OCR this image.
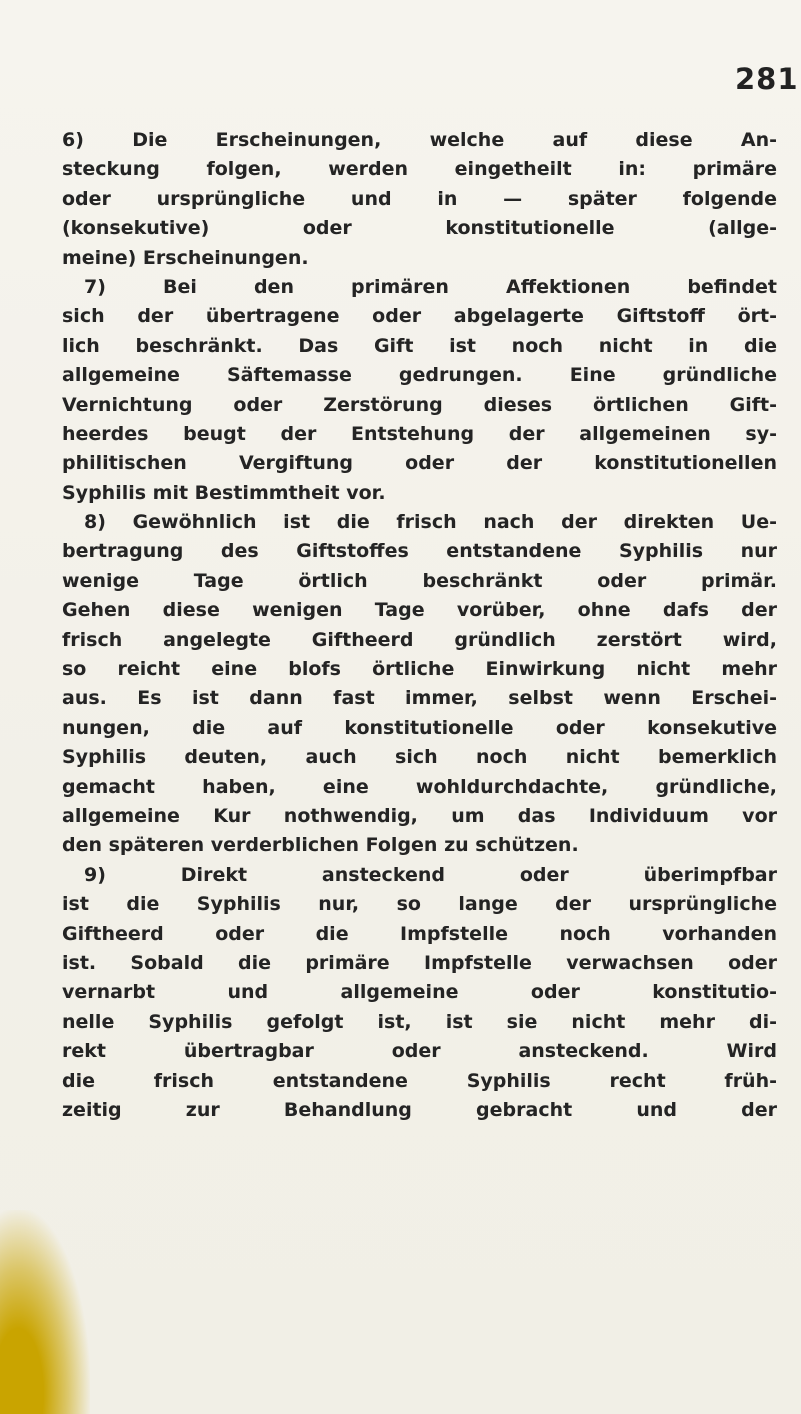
281
6) Die Erscheinungen, welche auf diese An-
steckung folgen, werden eingetheilt in: primäre
oder ursprüngliche und in — später folgende
(konsekutive) oder konstitutionelle (allge-
meine) Erscheinungen.
7) Bei den primären Affektionen befindet
sich der übertragene oder abgelagerte Giftstoff ört-
lich beschränkt. Das Gift ist noch nicht in die
allgemeine Säftemasse gedrungen. Eine gründliche
Vernichtung oder Zerstörung dieses örtlichen Gift-
heerdes beugt der Entstehung der allgemeinen sy-
philitischen Vergiftung oder der konstitutionellen
Syphilis mit Bestimmtheit vor.
8) Gewöhnlich ist die frisch nach der direkten Ue-
bertragung des Giftstoffes entstandene Syphilis nur
wenige Tage örtlich beschränkt oder primär.
Gehen diese wenigen Tage vorüber, ohne dafs der
frisch angelegte Giftheerd gründlich zerstört wird,
so reicht eine blofs örtliche Einwirkung nicht mehr
aus. Es ist dann fast immer, selbst wenn Erschei-
nungen, die auf konstitutionelle oder konsekutive
Syphilis deuten, auch sich noch nicht bemerklich
gemacht haben, eine wohldurchdachte, gründliche,
allgemeine Kur nothwendig, um das Individuum vor
den späteren verderblichen Folgen zu schützen.
9) Direkt ansteckend oder überimpfbar
ist die Syphilis nur, so lange der ursprüngliche
Giftheerd oder die Impfstelle noch vorhanden
ist. Sobald die primäre Impfstelle verwachsen oder
vernarbt und allgemeine oder konstitutio-
nelle Syphilis gefolgt ist, ist sie nicht mehr di-
rekt übertragbar oder ansteckend. Wird
die frisch entstandene Syphilis recht früh-
zeitig zur Behandlung gebracht und der
